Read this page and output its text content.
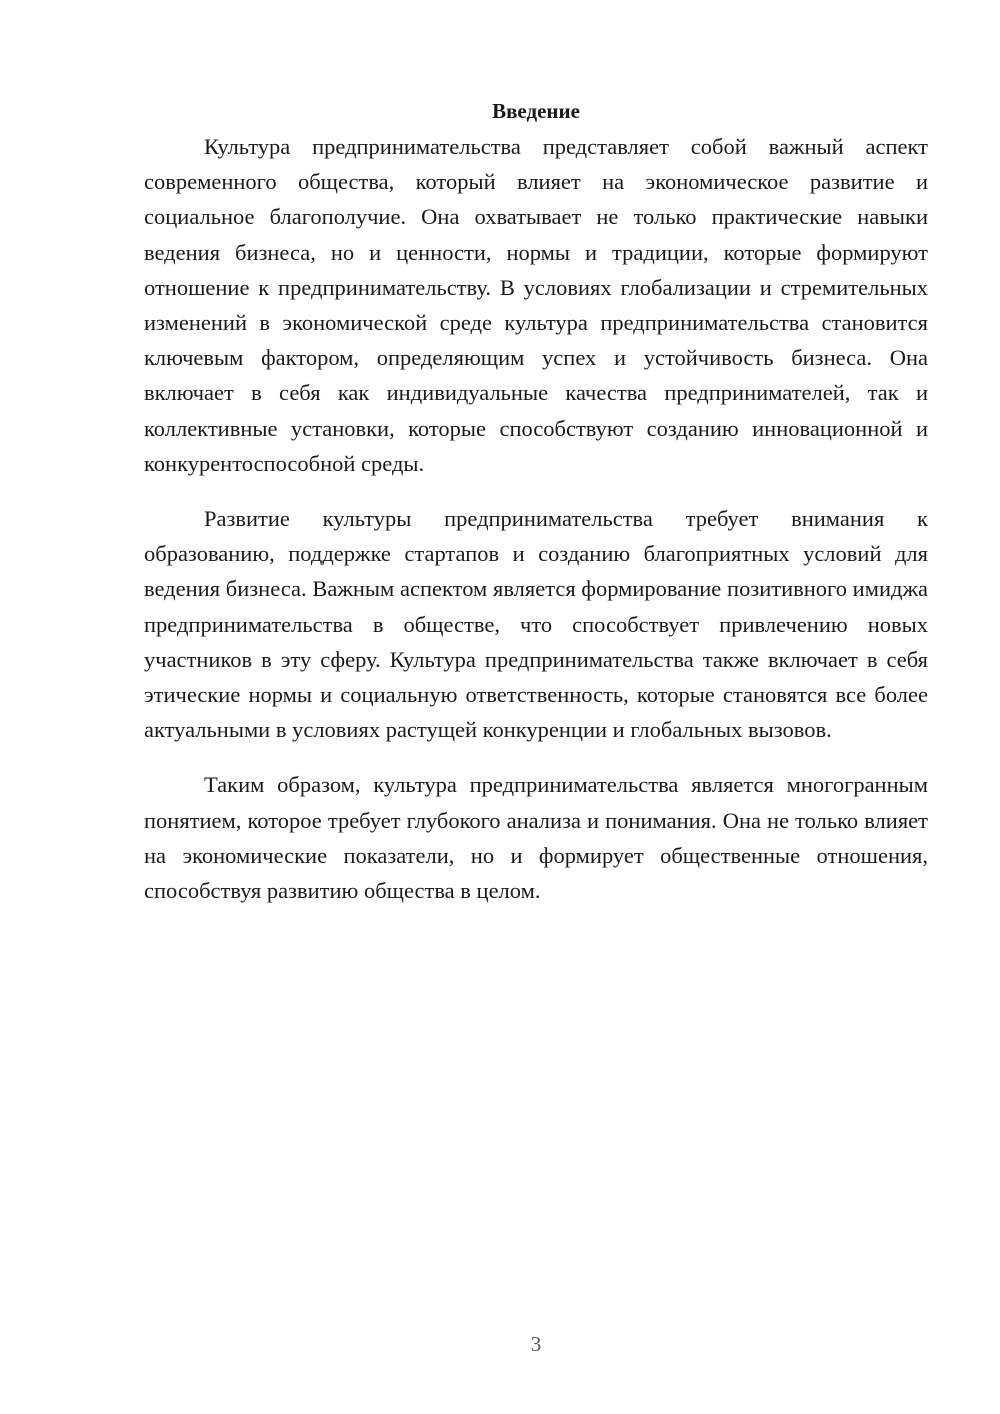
Введение

Культура предпринимательства представляет собой важный аспект современного общества, который влияет на экономическое развитие и социальное благополучие. Она охватывает не только практические навыки ведения бизнеса, но и ценности, нормы и традиции, которые формируют отношение к предпринимательству. В условиях глобализации и стремительных изменений в экономической среде культура предпринимательства становится ключевым фактором, определяющим успех и устойчивость бизнеса. Она включает в себя как индивидуальные качества предпринимателей, так и коллективные установки, которые способствуют созданию инновационной и конкурентоспособной среды.

Развитие культуры предпринимательства требует внимания к образованию, поддержке стартапов и созданию благоприятных условий для ведения бизнеса. Важным аспектом является формирование позитивного имиджа предпринимательства в обществе, что способствует привлечению новых участников в эту сферу. Культура предпринимательства также включает в себя этические нормы и социальную ответственность, которые становятся все более актуальными в условиях растущей конкуренции и глобальных вызовов.

Таким образом, культура предпринимательства является многогранным понятием, которое требует глубокого анализа и понимания. Она не только влияет на экономические показатели, но и формирует общественные отношения, способствуя развитию общества в целом.

3
